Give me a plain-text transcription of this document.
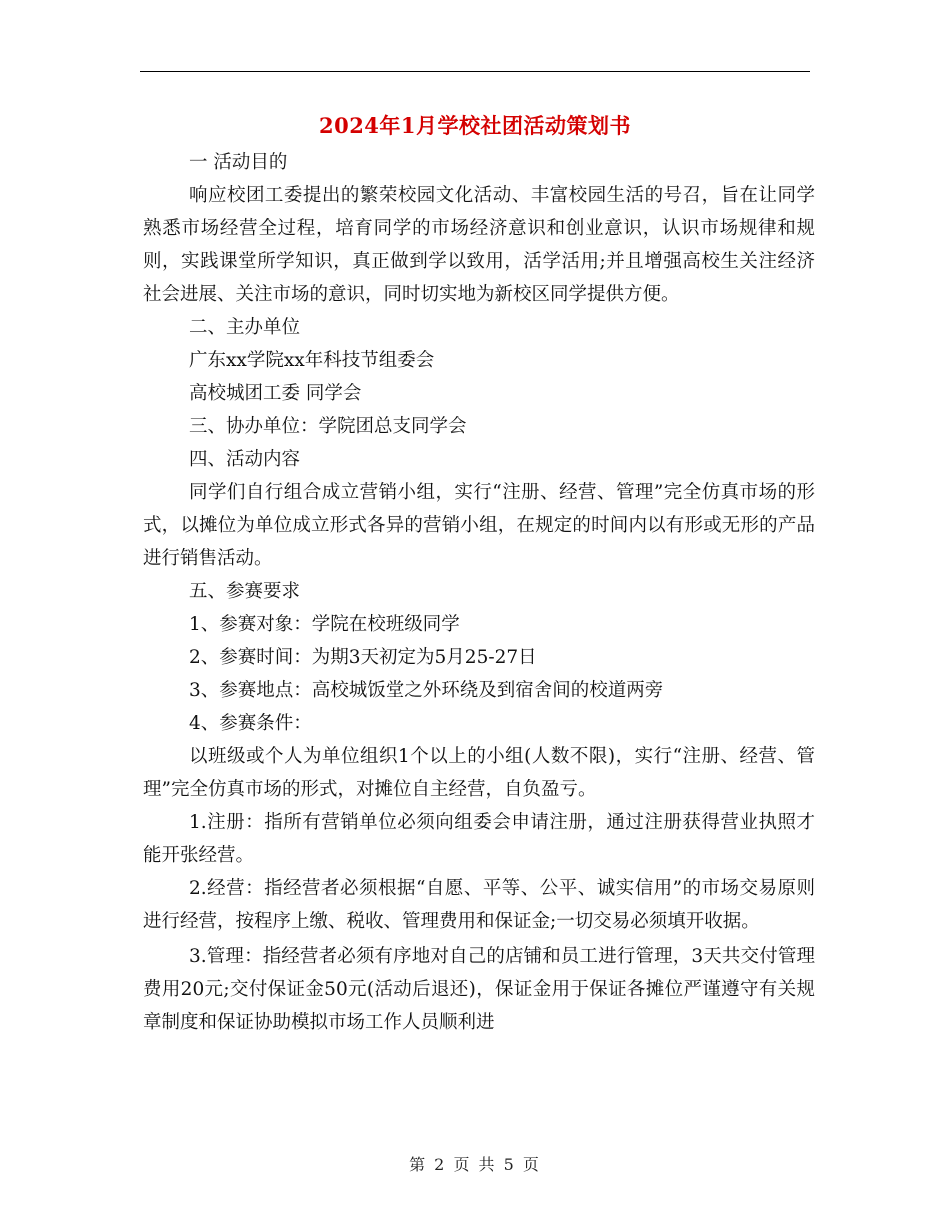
2024年1月学校社团活动策划书

一 活动目的

响应校团工委提出的繁荣校园文化活动、丰富校园生活的号召，旨在让同学熟悉市场经营全过程，培育同学的市场经济意识和创业意识，认识市场规律和规则，实践课堂所学知识，真正做到学以致用，活学活用;并且增强高校生关注经济社会进展、关注市场的意识，同时切实地为新校区同学提供方便。

二、主办单位

广东xx学院xx年科技节组委会

高校城团工委 同学会

三、协办单位：学院团总支同学会

四、活动内容

同学们自行组合成立营销小组，实行“注册、经营、管理”完全仿真市场的形式，以摊位为单位成立形式各异的营销小组，在规定的时间内以有形或无形的产品进行销售活动。

五、参赛要求

1、参赛对象：学院在校班级同学

2、参赛时间：为期3天初定为5月25-27日

3、参赛地点：高校城饭堂之外环绕及到宿舍间的校道两旁

4、参赛条件：

以班级或个人为单位组织1个以上的小组(人数不限)，实行“注册、经营、管理”完全仿真市场的形式，对摊位自主经营，自负盈亏。

1.注册：指所有营销单位必须向组委会申请注册，通过注册获得营业执照才能开张经营。

2.经营：指经营者必须根据“自愿、平等、公平、诚实信用”的市场交易原则进行经营，按程序上缴、税收、管理费用和保证金;一切交易必须填开收据。

3.管理：指经营者必须有序地对自己的店铺和员工进行管理，3天共交付管理费用20元;交付保证金50元(活动后退还)，保证金用于保证各摊位严谨遵守有关规章制度和保证协助模拟市场工作人员顺利进

第 2 页 共 5 页
